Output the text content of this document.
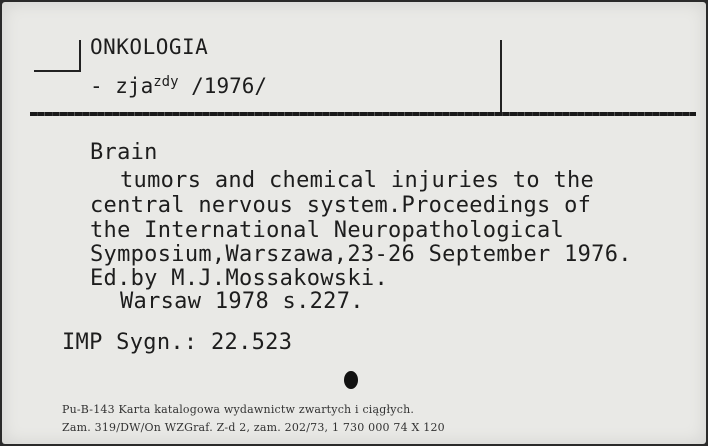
ONKOLOGIA
- zja$^{zdy}$ /1976/
Brain
tumors and chemical injuries to the
central nervous system.Proceedings of
the International Neuropathological
Symposium,Warszawa,23-26 September 1976.
Ed.by M.J.Mossakowski.
Warsaw 1978 s.227.
IMP Sygn.: 22.523
Pu-B-143 Karta katalogowa wydawnictw zwartych i ciągłych.
Zam. 319/DW/On WZGraf. Z-d 2, zam. 202/73, 1 730 000 74 X 120
